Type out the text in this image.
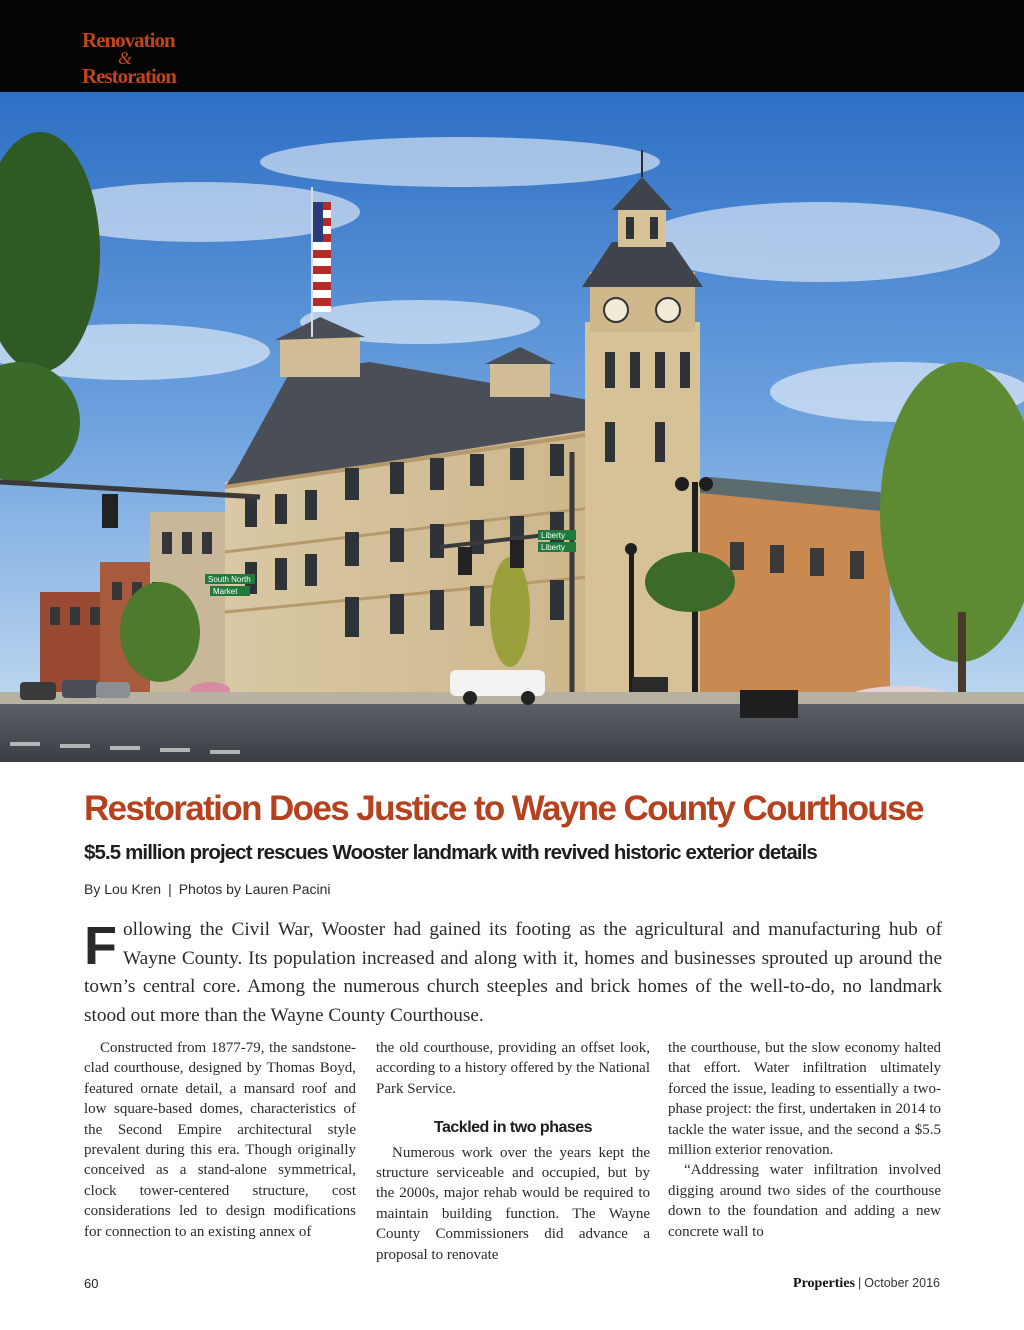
Renovation
&
Restoration
Liberty
Liberty
South North
Market
Restoration Does Justice to Wayne County Courthouse
$5.5 million project rescues Wooster landmark with revived historic exterior details
By Lou Kren | Photos by Lauren Pacini

Following the Civil War, Wooster had gained its footing as the agricultural and manufacturing hub of Wayne County. Its population increased and along with it, homes and businesses sprouted up around the town’s central core. Among the numerous church steeples and brick homes of the well-to-do, no landmark stood out more than the Wayne County Courthouse.

Constructed from 1877-79, the sandstone-clad courthouse, designed by Thomas Boyd, featured ornate detail, a mansard roof and low square-based domes, characteristics of the Second Empire architectural style prevalent during this era. Though originally conceived as a stand-alone symmetrical, clock tower-centered structure, cost considerations led to design modifications for connection to an existing annex of

the old courthouse, providing an offset look, according to a history offered by the National Park Service.

Tackled in two phases

Numerous work over the years kept the structure serviceable and occupied, but by the 2000s, major rehab would be required to maintain building function. The Wayne County Commissioners did advance a proposal to renovate

the courthouse, but the slow economy halted that effort. Water infiltration ultimately forced the issue, leading to essentially a two-phase project: the first, undertaken in 2014 to tackle the water issue, and the second a $5.5 million exterior renovation.

“Addressing water infiltration involved digging around two sides of the courthouse down to the foundation and adding a new concrete wall to

60	Properties | October 2016
